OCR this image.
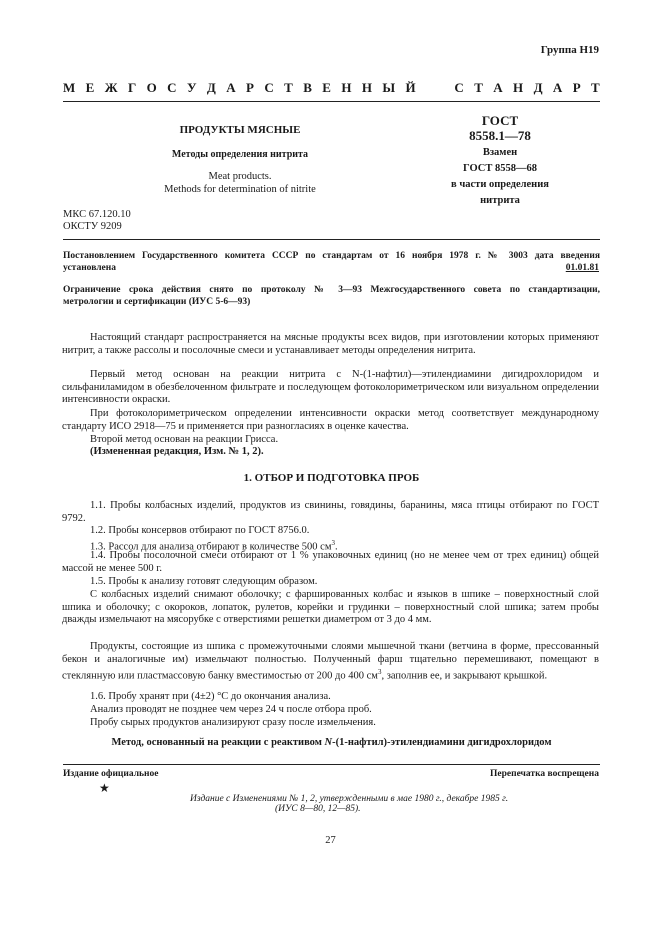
Группа Н19
М Е Ж Г О С У Д А Р С Т В Е Н Н Ы Й	С Т А Н Д А Р Т
ПРОДУКТЫ МЯСНЫЕ
Методы определения нитрита
Meat products.
Methods for determination of nitrite
ГОСТ
8558.1—78
Взамен
ГОСТ 8558—68
в части определения
нитрита
МКС 67.120.10
ОКСТУ 9209
Постановлением Государственного комитета СССР по стандартам от 16 ноября 1978 г. № 3003 дата введения
установлена	01.01.81
Ограничение срока действия снято по протоколу № 3—93 Межгосударственного совета по стандартизации,
метрологии и сертификации (ИУС 5-6—93)

Настоящий стандарт распространяется на мясные продукты всех видов, при изготовлении которых применяют нитрит, а также рассолы и посолочные смеси и устанавливает методы определения нитрита.

Первый метод основан на реакции нитрита с N-(1-нафтил)—этилендиамини дигидрохлоридом и сильфаниламидом в обезбелоченном фильтрате и последующем фотоколориметрическом или визуальном определении интенсивности окраски.

При фотоколориметрическом определении интенсивности окраски метод соответствует международному стандарту ИСО 2918—75 и применяется при разногласиях в оценке качества.

Второй метод основан на реакции Грисса.

(Измененная редакция, Изм. № 1, 2).

1. ОТБОР И ПОДГОТОВКА ПРОБ

1.1. Пробы колбасных изделий, продуктов из свинины, говядины, баранины, мяса птицы отбирают по ГОСТ 9792.

1.2. Пробы консервов отбирают по ГОСТ 8756.0.

1.3. Рассол для анализа отбирают в количестве 500 $см^3$.

1.4. Пробы посолочной смеси отбирают от 1 % упаковочных единиц (но не менее чем от трех единиц) общей массой не менее 500 г.

1.5. Пробы к анализу готовят следующим образом.

С колбасных изделий снимают оболочку; с фаршированных колбас и языков в шпике – поверхностный слой шпика и оболочку; с окороков, лопаток, рулетов, корейки и грудинки – поверхностный слой шпика; затем пробы дважды измельчают на мясорубке с отверстиями решетки диаметром от 3 до 4 мм.

Продукты, состоящие из шпика с промежуточными слоями мышечной ткани (ветчина в форме, прессованный бекон и аналогичные им) измельчают полностью. Полученный фарш тщательно перемешивают, помещают в стеклянную или пластмассовую банку вместимостью от 200 до 400 $см^3$, заполнив ее, и закрывают крышкой.

1.6. Пробу хранят при (4±2) °С до окончания анализа.

Анализ проводят не позднее чем через 24 ч после отбора проб.

Пробу сырых продуктов анализируют сразу после измельчения.

Метод, основанный на реакции с реактивом N-(1-нафтил)-этилендиамини дигидрохлоридом
Издание официальное	Перепечатка воспрещена
★
Издание с Изменениями № 1, 2, утвержденными в мае 1980 г., декабре 1985 г.
(ИУС 8—80, 12—85).
27
